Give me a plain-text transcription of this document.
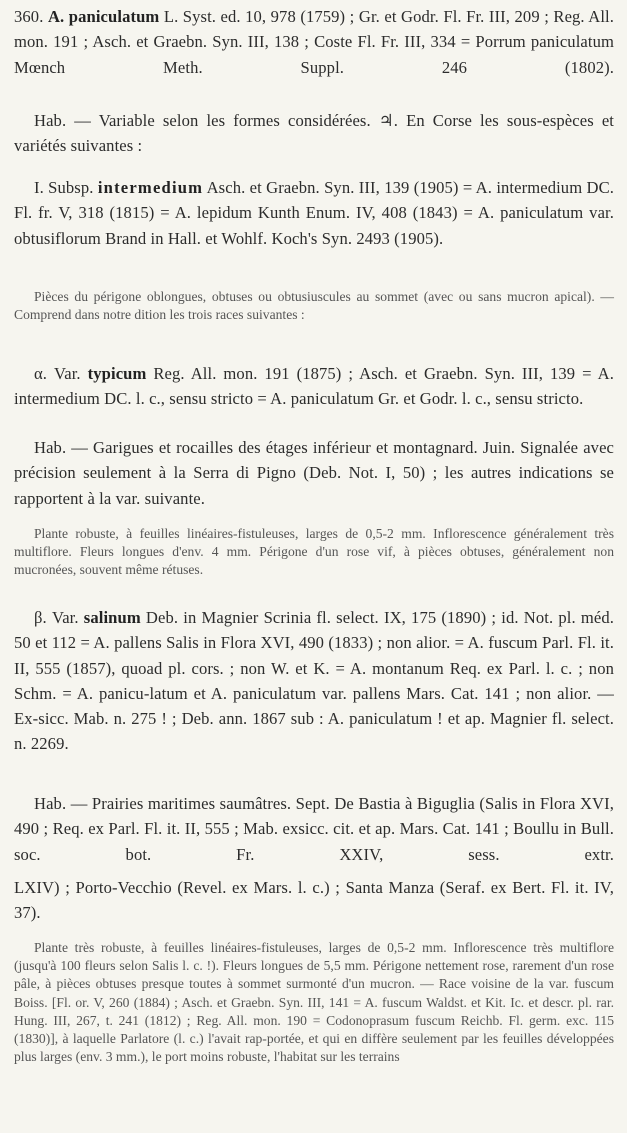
360. A. paniculatum L. Syst. ed. 10, 978 (1759) ; Gr. et Godr. Fl. Fr. III, 209 ; Reg. All. mon. 191 ; Asch. et Graebn. Syn. III, 138 ; Coste Fl. Fr. III, 334 = Porrum paniculatum Mœnch Meth. Suppl. 246 (1802).

Hab. — Variable selon les formes considérées. ♃. En Corse les sous-espèces et variétés suivantes :

I. Subsp. intermedium Asch. et Graebn. Syn. III, 139 (1905) = A. intermedium DC. Fl. fr. V, 318 (1815) = A. lepidum Kunth Enum. IV, 408 (1843) = A. paniculatum var. obtusiflorum Brand in Hall. et Wohlf. Koch's Syn. 2493 (1905).

Pièces du périgone oblongues, obtuses ou obtusiuscules au sommet (avec ou sans mucron apical). — Comprend dans notre dition les trois races suivantes :

α. Var. typicum Reg. All. mon. 191 (1875) ; Asch. et Graebn. Syn. III, 139 = A. intermedium DC. l. c., sensu stricto = A. paniculatum Gr. et Godr. l. c., sensu stricto.

Hab. — Garigues et rocailles des étages inférieur et montagnard. Juin. Signalée avec précision seulement à la Serra di Pigno (Deb. Not. I, 50) ; les autres indications se rapportent à la var. suivante.

Plante robuste, à feuilles linéaires-fistuleuses, larges de 0,5-2 mm. Inflorescence généralement très multiflore. Fleurs longues d'env. 4 mm. Périgone d'un rose vif, à pièces obtuses, généralement non mucronées, souvent même rétuses.

β. Var. salinum Deb. in Magnier Scrinia fl. select. IX, 175 (1890) ; id. Not. pl. méd. 50 et 112 = A. pallens Salis in Flora XVI, 490 (1833) ; non alior. = A. fuscum Parl. Fl. it. II, 555 (1857), quoad pl. cors. ; non W. et K. = A. montanum Req. ex Parl. l. c. ; non Schm. = A. panicu-latum et A. paniculatum var. pallens Mars. Cat. 141 ; non alior. — Ex-sicc. Mab. n. 275 ! ; Deb. ann. 1867 sub : A. paniculatum ! et ap. Magnier fl. select. n. 2269.

Hab. — Prairies maritimes saumâtres. Sept. De Bastia à Biguglia (Salis in Flora XVI, 490 ; Req. ex Parl. Fl. it. II, 555 ; Mab. exsicc. cit. et ap. Mars. Cat. 141 ; Boullu in Bull. soc. bot. Fr. XXIV, sess. extr.

LXIV) ; Porto-Vecchio (Revel. ex Mars. l. c.) ; Santa Manza (Seraf. ex Bert. Fl. it. IV, 37).

Plante très robuste, à feuilles linéaires-fistuleuses, larges de 0,5-2 mm. Inflorescence très multiflore (jusqu'à 100 fleurs selon Salis l. c. !). Fleurs longues de 5,5 mm. Périgone nettement rose, rarement d'un rose pâle, à pièces obtuses presque toutes à sommet surmonté d'un mucron. — Race voisine de la var. fuscum Boiss. [Fl. or. V, 260 (1884) ; Asch. et Graebn. Syn. III, 141 = A. fuscum Waldst. et Kit. Ic. et descr. pl. rar. Hung. III, 267, t. 241 (1812) ; Reg. All. mon. 190 = Codonoprasum fuscum Reichb. Fl. germ. exc. 115 (1830)], à laquelle Parlatore (l. c.) l'avait rap-portée, et qui en diffère seulement par les feuilles développées plus larges (env. 3 mm.), le port moins robuste, l'habitat sur les terrains
